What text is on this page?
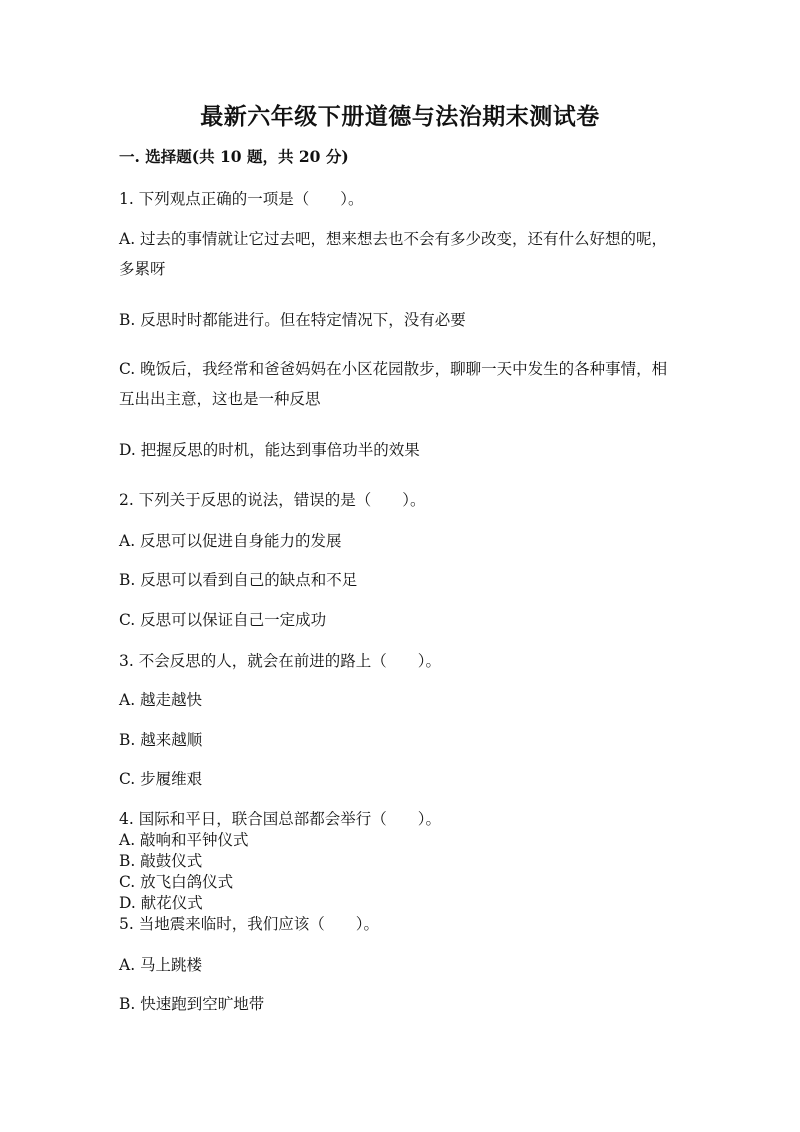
最新六年级下册道德与法治期末测试卷
一. 选择题(共 10 题，共 20 分)
1. 下列观点正确的一项是（　　）。
A. 过去的事情就让它过去吧，想来想去也不会有多少改变，还有什么好想的呢，多累呀
B. 反思时时都能进行。但在特定情况下，没有必要
C. 晚饭后，我经常和爸爸妈妈在小区花园散步，聊聊一天中发生的各种事情，相互出出主意，这也是一种反思
D. 把握反思的时机，能达到事倍功半的效果
2. 下列关于反思的说法，错误的是（　　）。
A. 反思可以促进自身能力的发展
B. 反思可以看到自己的缺点和不足
C. 反思可以保证自己一定成功
3. 不会反思的人，就会在前进的路上（　　）。
A. 越走越快
B. 越来越顺
C. 步履维艰
4. 国际和平日，联合国总部都会举行（　　）。
A. 敲响和平钟仪式
B. 敲鼓仪式
C. 放飞白鸽仪式
D. 献花仪式
5. 当地震来临时，我们应该（　　）。
A. 马上跳楼
B. 快速跑到空旷地带
